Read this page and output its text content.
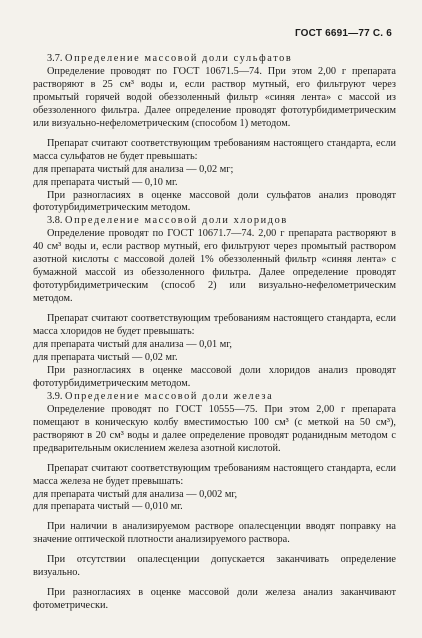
ГОСТ 6691—77 С. 6

3.7. Определение массовой доли сульфатов

Определение проводят по ГОСТ 10671.5—74. При этом 2,00 г препарата растворяют в 25 см³ воды и, если раствор мутный, его фильтруют через промытый горячей водой обеззоленный фильтр «синяя лента» с массой из обеззоленного фильтра. Далее определение проводят фототурбидиметрическим или визуально-нефелометрическим (способом 1) методом.

Препарат считают соответствующим требованиям настоящего стандарта, если масса сульфатов не будет превышать:

для препарата чистый для анализа — 0,02 мг;

для препарата чистый — 0,10 мг.

При разногласиях в оценке массовой доли сульфатов анализ проводят фототурбидиметрическим методом.

3.8. Определение массовой доли хлоридов

Определение проводят по ГОСТ 10671.7—74. 2,00 г препарата растворяют в 40 см³ воды и, если раствор мутный, его фильтруют через промытый раствором азотной кислоты с массовой долей 1% обеззоленный фильтр «синяя лента» с бумажной массой из обеззоленного фильтра. Далее определение проводят фототурбидиметрическим (способ 2) или визуально-нефелометрическим методом.

Препарат считают соответствующим требованиям настоящего стандарта, если масса хлоридов не будет превышать:

для препарата чистый для анализа — 0,01 мг,

для препарата чистый — 0,02 мг.

При разногласиях в оценке массовой доли хлоридов анализ проводят фототурбидиметрическим методом.

3.9. Определение массовой доли железа

Определение проводят по ГОСТ 10555—75. При этом 2,00 г препарата помещают в коническую колбу вместимостью 100 см³ (с меткой на 50 см³), растворяют в 20 см³ воды и далее определение проводят роданидным методом с предварительным окислением железа азотной кислотой.

Препарат считают соответствующим требованиям настоящего стандарта, если масса железа не будет превышать:

для препарата чистый для анализа — 0,002 мг,

для препарата чистый — 0,010 мг.

При наличии в анализируемом растворе опалесценции вводят поправку на значение оптической плотности анализируемого раствора.

При отсутствии опалесценции допускается заканчивать определение визуально.

При разногласиях в оценке массовой доли железа анализ заканчивают фотометрически.
